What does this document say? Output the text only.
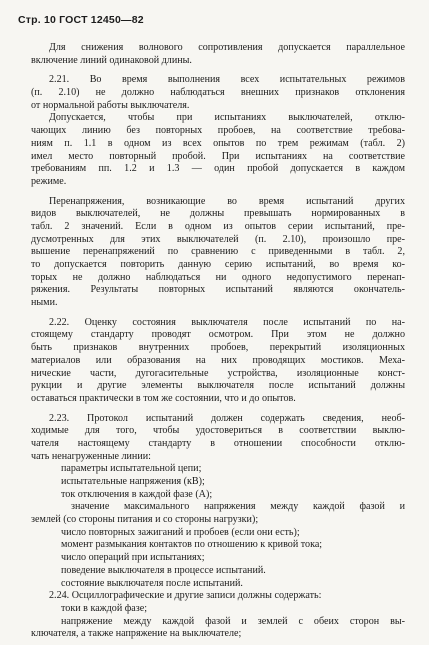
Стр. 10 ГОСТ 12450—82
Для снижения волнового сопротивления допускается параллельное
включение линий одинаковой длины.
2.21. Во время выполнения всех испытательных режимов
(п. 2.10) не должно наблюдаться внешних признаков отклонения
от нормальной работы выключателя.
Допускается, чтобы при испытаниях выключателей, отклю-
чающих линию без повторных пробоев, на соответствие требова-
ниям п. 1.1 в одном из всех опытов по трем режимам (табл. 2)
имел место повторный пробой. При испытаниях на соответствие
требованиям пп. 1.2 и 1.3 — один пробой допускается в каждом
режиме.
Перенапряжения, возникающие во время испытаний других
видов выключателей, не должны превышать нормированных в
табл. 2 значений. Если в одном из опытов серии испытаний, пре-
дусмотренных для этих выключателей (п. 2.10), произошло пре-
вышение перенапряжений по сравнению с приведенными в табл. 2,
то допускается повторить данную серию испытаний, во время ко-
торых не должно наблюдаться ни одного недопустимого перенап-
ряжения. Результаты повторных испытаний являются окончатель-
ными.
2.22. Оценку состояния выключателя после испытаний по на-
стоящему стандарту проводят осмотром. При этом не должно
быть признаков внутренних пробоев, перекрытий изоляционных
материалов или образования на них проводящих мостиков. Меха-
нические части, дугогасительные устройства, изоляционные конст-
рукции и другие элементы выключателя после испытаний должны
оставаться практически в том же состоянии, что и до опытов.
2.23. Протокол испытаний должен содержать сведения, необ-
ходимые для того, чтобы удостовериться в соответствии выклю-
чателя настоящему стандарту в отношении способности отклю-
чать ненагруженные линии:
параметры испытательной цепи;
испытательные напряжения (кВ);
ток отключения в каждой фазе (А);
значение максимального напряжения между каждой фазой и
землей (со стороны питания и со стороны нагрузки);
число повторных зажиганий и пробоев (если они есть);
момент размыкания контактов по отношению к кривой тока;
число операций при испытаниях;
поведение выключателя в процессе испытаний.
состояние выключателя после испытаний.
2.24. Осциллографические и другие записи должны содержать:
токи в каждой фазе;
напряжение между каждой фазой и землей с обеих сторон вы-
ключателя, а также напряжение на выключателе;
